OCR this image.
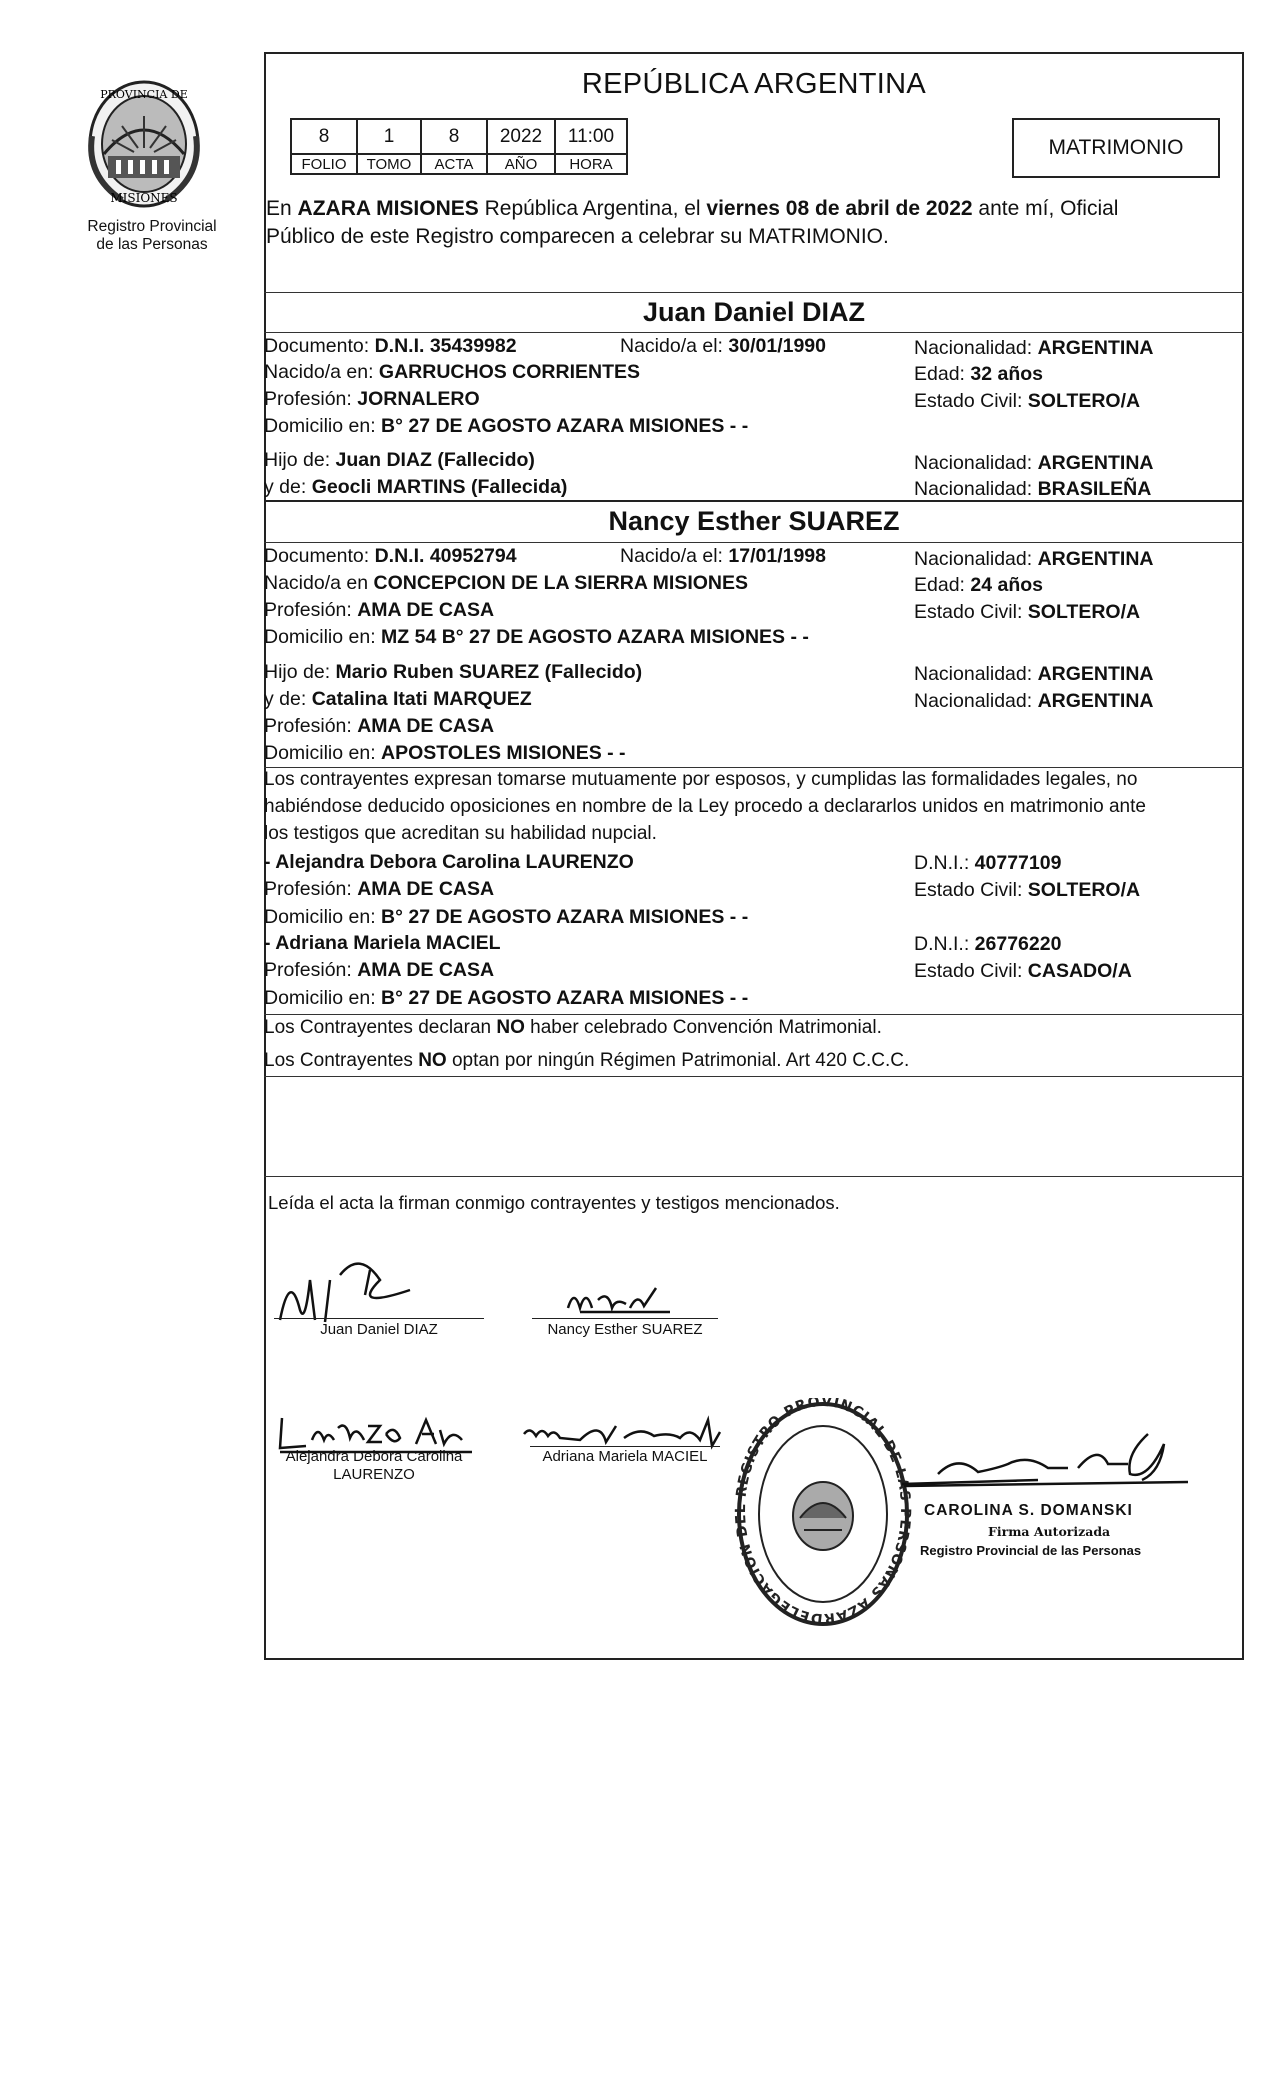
PROVINCIA DE
MISIONES
Registro Provincial
de las Personas
REPÚBLICA ARGENTINA
8	1	8	2022	11:00
FOLIO	TOMO	ACTA	AÑO	HORA
MATRIMONIO
En AZARA MISIONES República Argentina, el viernes 08 de abril de 2022 ante mí, Oficial
Público de este Registro comparecen a celebrar su MATRIMONIO.
Juan Daniel DIAZ
Documento: D.N.I. 35439982	Nacido/a el: 30/01/1990	Nacionalidad: ARGENTINA
Nacido/a en: GARRUCHOS CORRIENTES	Edad: 32 años
Profesión: JORNALERO	Estado Civil: SOLTERO/A
Domicilio en: B° 27 DE AGOSTO AZARA MISIONES - -
Hijo de: Juan DIAZ (Fallecido)	Nacionalidad: ARGENTINA
y de: Geocli MARTINS (Fallecida)	Nacionalidad: BRASILEÑA
Nancy Esther SUAREZ
Documento: D.N.I. 40952794	Nacido/a el: 17/01/1998	Nacionalidad: ARGENTINA
Nacido/a en CONCEPCION DE LA SIERRA MISIONES	Edad: 24 años
Profesión: AMA DE CASA	Estado Civil: SOLTERO/A
Domicilio en: MZ 54 B° 27 DE AGOSTO AZARA MISIONES - -
Hijo de: Mario Ruben SUAREZ (Fallecido)	Nacionalidad: ARGENTINA
y de: Catalina Itati MARQUEZ	Nacionalidad: ARGENTINA
Profesión: AMA DE CASA
Domicilio en: APOSTOLES MISIONES - -
Los contrayentes expresan tomarse mutuamente por esposos, y cumplidas las formalidades legales, no
habiéndose deducido oposiciones en nombre de la Ley procedo a declararlos unidos en matrimonio ante
los testigos que acreditan su habilidad nupcial.
- Alejandra Debora Carolina LAURENZO	D.N.I.: 40777109
Profesión: AMA DE CASA	Estado Civil: SOLTERO/A
Domicilio en: B° 27 DE AGOSTO AZARA MISIONES - -
- Adriana Mariela MACIEL	D.N.I.: 26776220
Profesión: AMA DE CASA	Estado Civil: CASADO/A
Domicilio en: B° 27 DE AGOSTO AZARA MISIONES - -
Los Contrayentes declaran NO haber celebrado Convención Matrimonial.
Los Contrayentes NO optan por ningún Régimen Patrimonial. Art 420 C.C.C.
Leída el acta la firman conmigo contrayentes y testigos mencionados.
Juan Daniel DIAZ	Nancy Esther SUAREZ
Alejandra Debora Carolina
LAURENZO
Adriana Mariela MACIEL
DELEGACION DEL REGISTRO PROVINCIAL DE LAS PERSONAS AZAR
CAROLINA S. DOMANSKI
Firma Autorizada
Registro Provincial de las Personas
